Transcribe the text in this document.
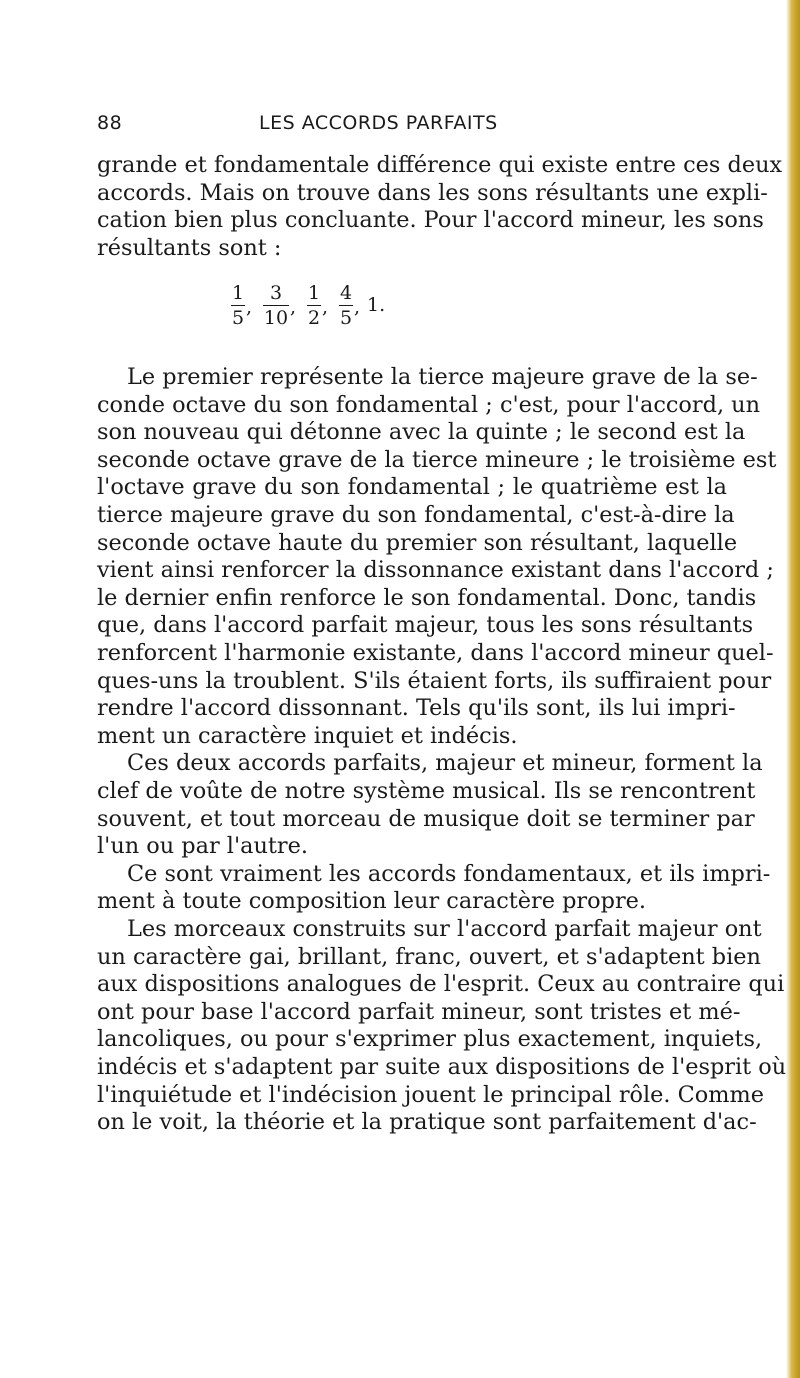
88	LES ACCORDS PARFAITS
grande et fondamentale différence qui existe entre ces deux
accords. Mais on trouve dans les sons résultants une expli-
cation bien plus concluante. Pour l'accord mineur, les sons
résultants sont :
1
5 ,
3
10 ,
1
2 ,
4
5 , 1.
Le premier représente la tierce majeure grave de la se-
conde octave du son fondamental ; c'est, pour l'accord, un
son nouveau qui détonne avec la quinte ; le second est la
seconde octave grave de la tierce mineure ; le troisième est
l'octave grave du son fondamental ; le quatrième est la
tierce majeure grave du son fondamental, c'est-à-dire la
seconde octave haute du premier son résultant, laquelle
vient ainsi renforcer la dissonnance existant dans l'accord ;
le dernier enfin renforce le son fondamental. Donc, tandis
que, dans l'accord parfait majeur, tous les sons résultants
renforcent l'harmonie existante, dans l'accord mineur quel-
ques-uns la troublent. S'ils étaient forts, ils suffiraient pour
rendre l'accord dissonnant. Tels qu'ils sont, ils lui impri-
ment un caractère inquiet et indécis.
Ces deux accords parfaits, majeur et mineur, forment la
clef de voûte de notre système musical. Ils se rencontrent
souvent, et tout morceau de musique doit se terminer par
l'un ou par l'autre.
Ce sont vraiment les accords fondamentaux, et ils impri-
ment à toute composition leur caractère propre.
Les morceaux construits sur l'accord parfait majeur ont
un caractère gai, brillant, franc, ouvert, et s'adaptent bien
aux dispositions analogues de l'esprit. Ceux au contraire qui
ont pour base l'accord parfait mineur, sont tristes et mé-
lancoliques, ou pour s'exprimer plus exactement, inquiets,
indécis et s'adaptent par suite aux dispositions de l'esprit où
l'inquiétude et l'indécision jouent le principal rôle. Comme
on le voit, la théorie et la pratique sont parfaitement d'ac-
